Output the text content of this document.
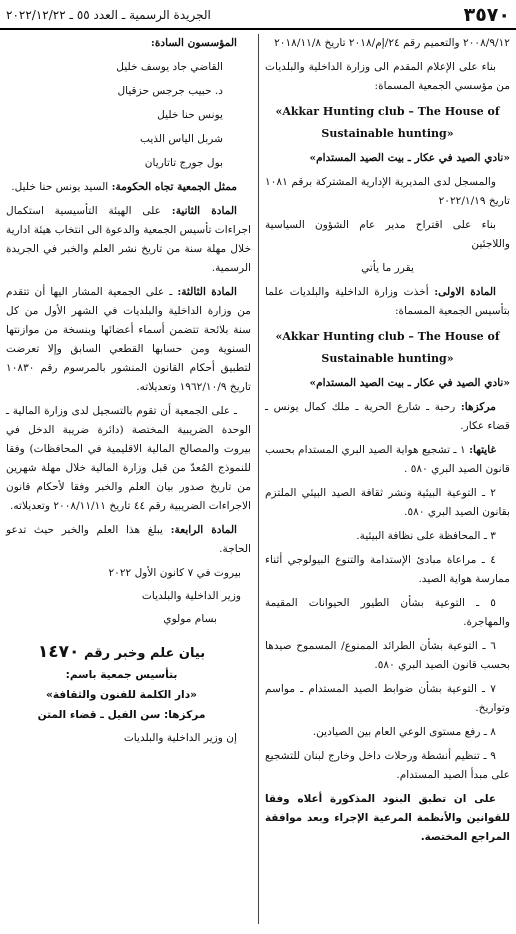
٣٥٧٠
الجريدة الرسمية ـ العدد ٥٥ ـ ٢٠٢٢/١٢/٢٢

٢٠٠٨/٩/١٢ والتعميم رقم ٢٤/إم/٢٠١٨ تاريخ ٢٠١٨/١١/٨

بناء على الإعلام المقدم الى وزارة الداخلية والبلديات من مؤسسي الجمعية المسماة:

«Akkar Hunting club – The House of Sustainable hunting»

«نادي الصيد في عكار ـ بيت الصيد المستدام»

والمسجل لدى المديرية الإدارية المشتركة برقم ١٠٨١ تاريخ ٢٠٢٢/١/١٩

بناء على اقتراح مدير عام الشؤون السياسية واللاجئين

يقرر ما يأتي

المادة الاولى: أخذت وزارة الداخلية والبلديات علما بتأسيس الجمعية المسماة:

«Akkar Hunting club – The House of Sustainable hunting»

«نادي الصيد في عكار ـ بيت الصيد المستدام»

مركزها: رحبة ـ شارع الحرية ـ ملك كمال يونس ـ قضاء عكار.

غايتها: ١ ـ تشجيع هواية الصيد البري المستدام بحسب قانون الصيد البري ٥٨٠ .

٢ ـ التوعية البيئية ونشر ثقافة الصيد البيئي الملتزم بقانون الصيد البري ٥٨٠.

٣ ـ المحافظة على نظافة البيئية.

٤ ـ مراعاة مبادئ الإستدامة والتنوع البيولوجي أثناء ممارسة هواية الصيد.

٥ ـ التوعية بشأن الطيور الحيوانات المقيمة والمهاجرة.

٦ ـ التوعية بشأن الطرائد الممنوع/ المسموح صيدها بحسب قانون الصيد البري ٥٨٠.

٧ ـ التوعية بشأن ضوابط الصيد المستدام ـ مواسم وتواريخ.

٨ ـ رفع مستوى الوعي العام بين الصيادين.

٩ ـ تنظيم أنشطة ورحلات داخل وخارج لبنان للتشجيع على مبدأ الصيد المستدام.

على ان تطبق البنود المذكورة أعلاه وفقا للقوانين والأنظمة المرعية الإجراء وبعد موافقة المراجع المختصة.

المؤسسون السادة:

القاضي جاد يوسف خليل

د. حبيب جرجس حزقيال

يونس حنا خليل

شربل الياس الذيب

بول جورج تاتاريان

ممثل الجمعية تجاه الحكومة: السيد يونس حنا خليل.

المادة الثانية: على الهيئة التأسيسية استكمال اجراءات تأسيس الجمعية والدعوة الى انتخاب هيئة ادارية خلال مهلة سنة من تاريخ نشر العلم والخبر في الجريدة الرسمية.

المادة الثالثة: ـ على الجمعية المشار اليها أن تتقدم من وزارة الداخلية والبلديات في الشهر الأول من كل سنة بلائحة تتضمن أسماء أعضائها وبنسخة من موازنتها السنوية ومن حسابها القطعي السابق وإلا تعرضت لتطبيق أحكام القانون المنشور بالمرسوم رقم ١٠٨٣٠ تاريخ ١٩٦٢/١٠/٩ وتعديلاته.

ـ على الجمعية أن تقوم بالتسجيل لدى وزارة المالية ـ الوحدة الضريبية المختصة (دائرة ضريبة الدخل في بيروت والمصالح المالية الاقليمية في المحافظات) وفقا للنموذج المُعدّ من قبل وزارة المالية خلال مهلة شهرين من تاريخ صدور بيان العلم والخبر وفقا لأحكام قانون الاجراءات الضريبية رقم ٤٤ تاريخ ٢٠٠٨/١١/١١ وتعديلاته.

المادة الرابعة: يبلغ هذا العلم والخبر حيث تدعو الحاجة.

بيروت في ٧ كانون الأول ٢٠٢٢

وزير الداخلية والبلديات

بسام مولوي

بيان علم وخبر رقم ١٤٧٠

بتأسيس جمعية باسم:

«دار الكلمة للفنون والثقافة»

مركزها: سن الفيل ـ قضاء المتن

إن وزير الداخلية والبلديات
